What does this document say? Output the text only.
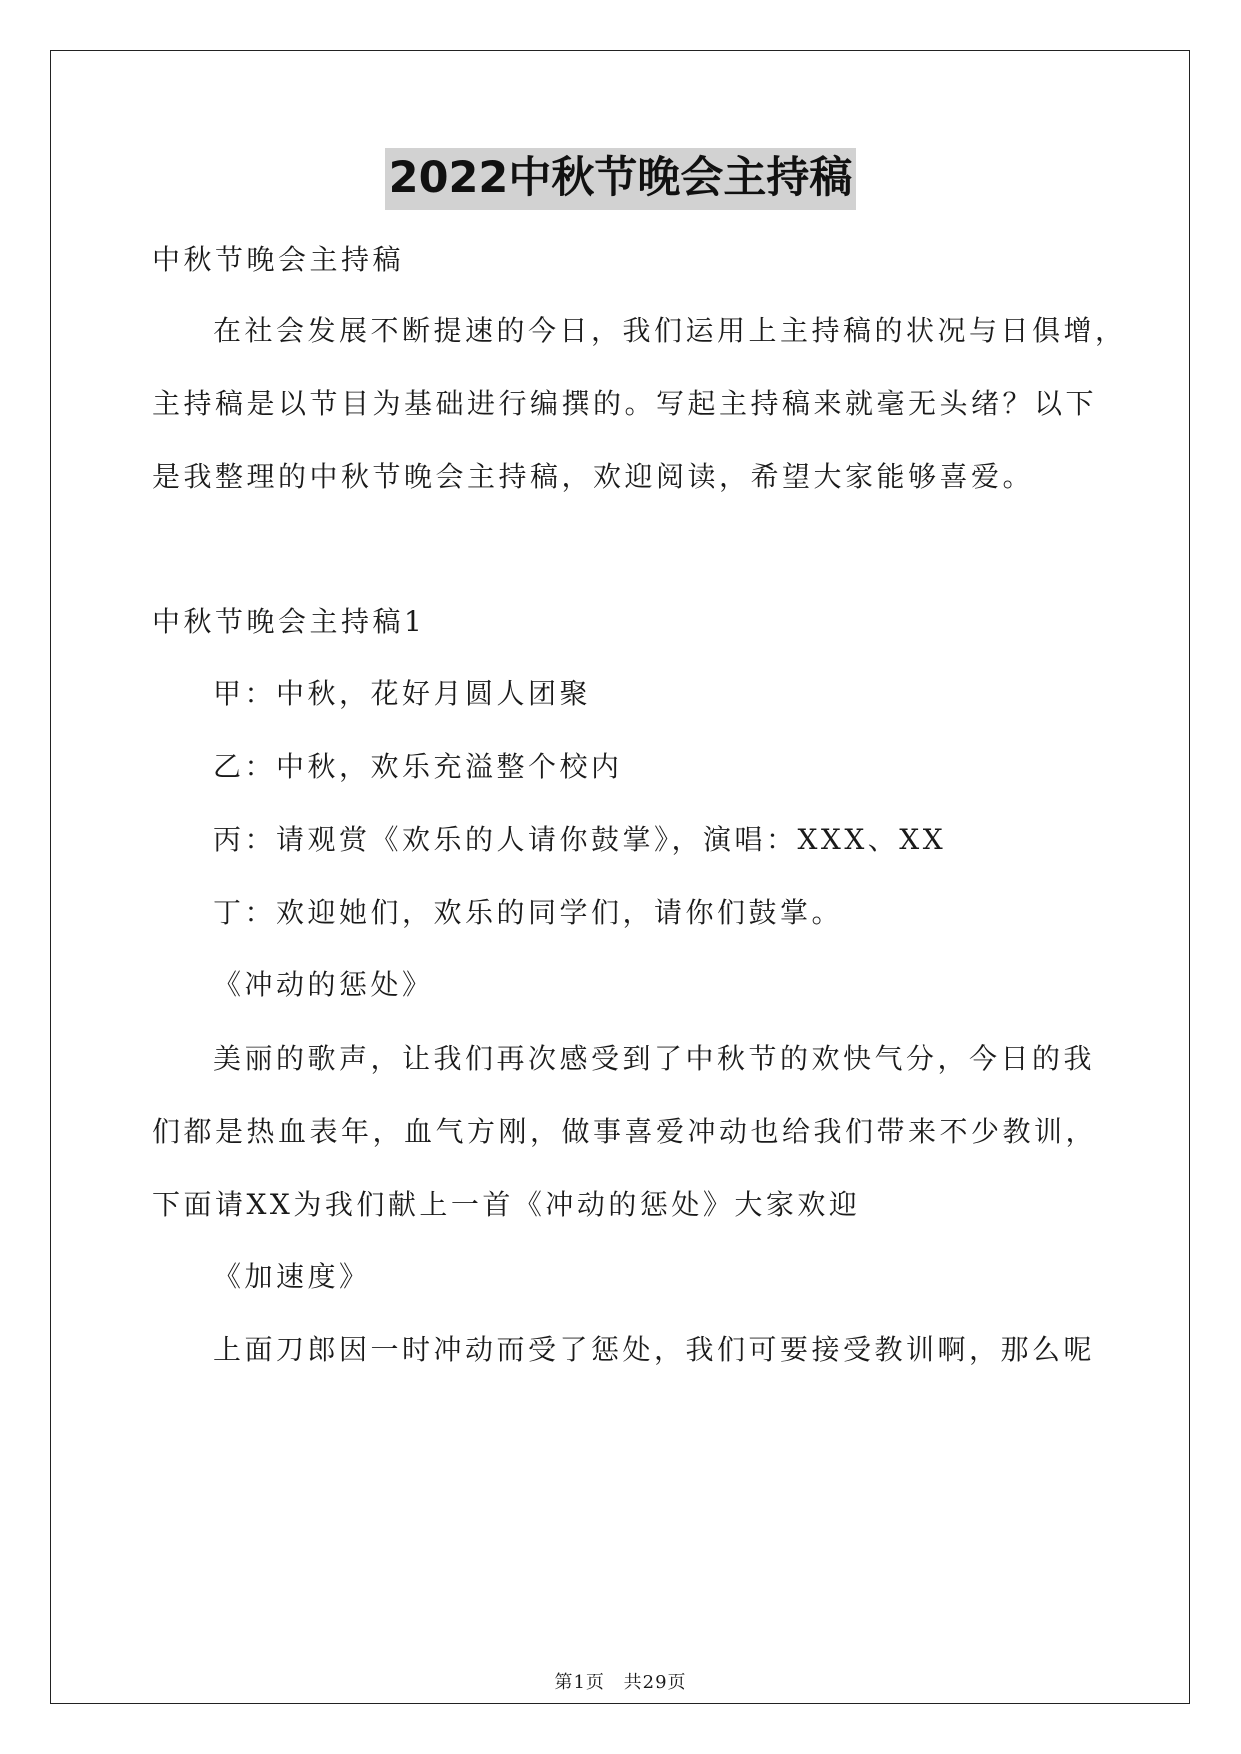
2022中秋节晚会主持稿
中秋节晚会主持稿
在社会发展不断提速的今日，我们运用上主持稿的状况与日俱增，
主持稿是以节目为基础进行编撰的。写起主持稿来就毫无头绪？以下
是我整理的中秋节晚会主持稿，欢迎阅读，希望大家能够喜爱。
中秋节晚会主持稿1
甲：中秋，花好月圆人团聚
乙：中秋，欢乐充溢整个校内
丙：请观赏《欢乐的人请你鼓掌》，演唱：XXX、XX
丁：欢迎她们，欢乐的同学们，请你们鼓掌。
《冲动的惩处》
美丽的歌声，让我们再次感受到了中秋节的欢快气分，今日的我
们都是热血表年，血气方刚，做事喜爱冲动也给我们带来不少教训，
下面请XX为我们献上一首《冲动的惩处》大家欢迎
《加速度》
上面刀郎因一时冲动而受了惩处，我们可要接受教训啊，那么呢
第1页 共29页
